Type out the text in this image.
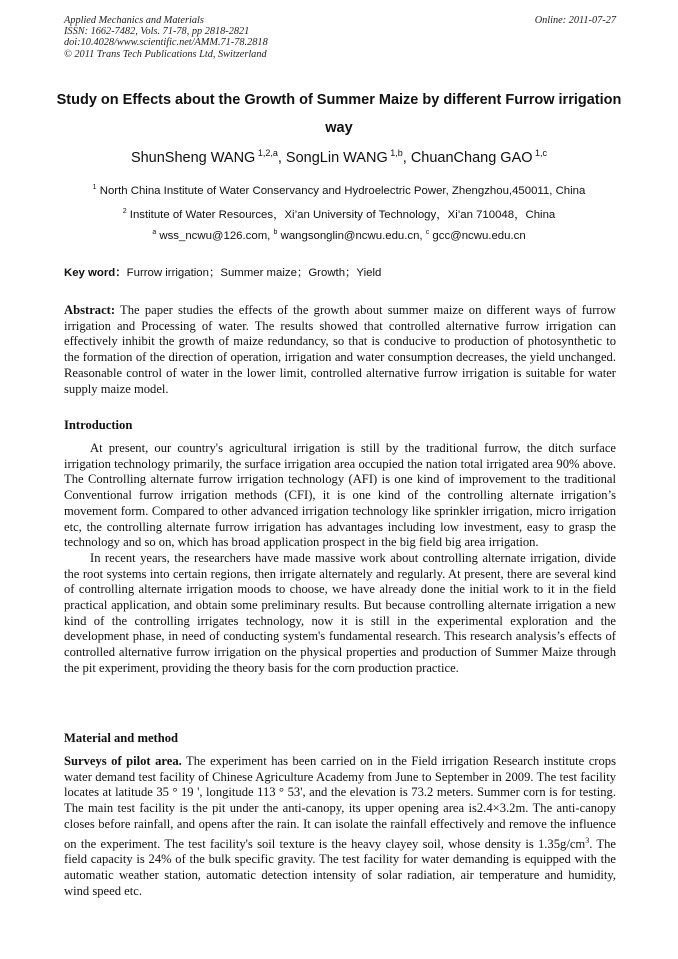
Applied Mechanics and Materials
ISSN: 1662-7482, Vols. 71-78, pp 2818-2821
doi:10.4028/www.scientific.net/AMM.71-78.2818
© 2011 Trans Tech Publications Ltd, Switzerland
Online: 2011-07-27
Study on Effects about the Growth of Summer Maize by different Furrow irrigation way
ShunSheng WANG $^{1,2,a}$, SongLin WANG $^{1,b}$, ChuanChang GAO $^{1,c}$
$^1$ North China Institute of Water Conservancy and Hydroelectric Power, Zhengzhou,450011, China
$^2$ Institute of Water Resources，Xi’an University of Technology，Xi’an 710048，China
$^a$ wss_ncwu@126.com, $^b$ wangsonglin@ncwu.edu.cn, $^c$ gcc@ncwu.edu.cn
Key word：Furrow irrigation；Summer maize；Growth；Yield

Abstract: The paper studies the effects of the growth about summer maize on different ways of furrow irrigation and Processing of water. The results showed that controlled alternative furrow irrigation can effectively inhibit the growth of maize redundancy, so that is conducive to production of photosynthetic to the formation of the direction of operation, irrigation and water consumption decreases, the yield unchanged. Reasonable control of water in the lower limit, controlled alternative furrow irrigation is suitable for water supply maize model.

Introduction

At present, our country's agricultural irrigation is still by the traditional furrow, the ditch surface irrigation technology primarily, the surface irrigation area occupied the nation total irrigated area 90% above. The Controlling alternate furrow irrigation technology (AFI) is one kind of improvement to the traditional Conventional furrow irrigation methods (CFI), it is one kind of the controlling alternate irrigation’s movement form. Compared to other advanced irrigation technology like sprinkler irrigation, micro irrigation etc, the controlling alternate furrow irrigation has advantages including low investment, easy to grasp the technology and so on, which has broad application prospect in the big field big area irrigation.

In recent years, the researchers have made massive work about controlling alternate irrigation, divide the root systems into certain regions, then irrigate alternately and regularly. At present, there are several kind of controlling alternate irrigation moods to choose, we have already done the initial work to it in the field practical application, and obtain some preliminary results. But because controlling alternate irrigation a new kind of the controlling irrigates technology, now it is still in the experimental exploration and the development phase, in need of conducting system's fundamental research. This research analysis’s effects of controlled alternative furrow irrigation on the physical properties and production of Summer Maize through the pit experiment, providing the theory basis for the corn production practice.

Material and method

Surveys of pilot area. The experiment has been carried on in the Field irrigation Research institute crops water demand test facility of Chinese Agriculture Academy from June to September in 2009. The test facility locates at latitude 35 ° 19 ', longitude 113 ° 53', and the elevation is 73.2 meters. Summer corn is for testing. The main test facility is the pit under the anti-canopy, its upper opening area is2.4×3.2m. The anti-canopy closes before rainfall, and opens after the rain. It can isolate the rainfall effectively and remove the influence on the experiment. The test facility's soil texture is the heavy clayey soil, whose density is $1.35g/cm^3$. The field capacity is 24% of the bulk specific gravity. The test facility for water demanding is equipped with the automatic weather station, automatic detection intensity of solar radiation, air temperature and humidity, wind speed etc.
